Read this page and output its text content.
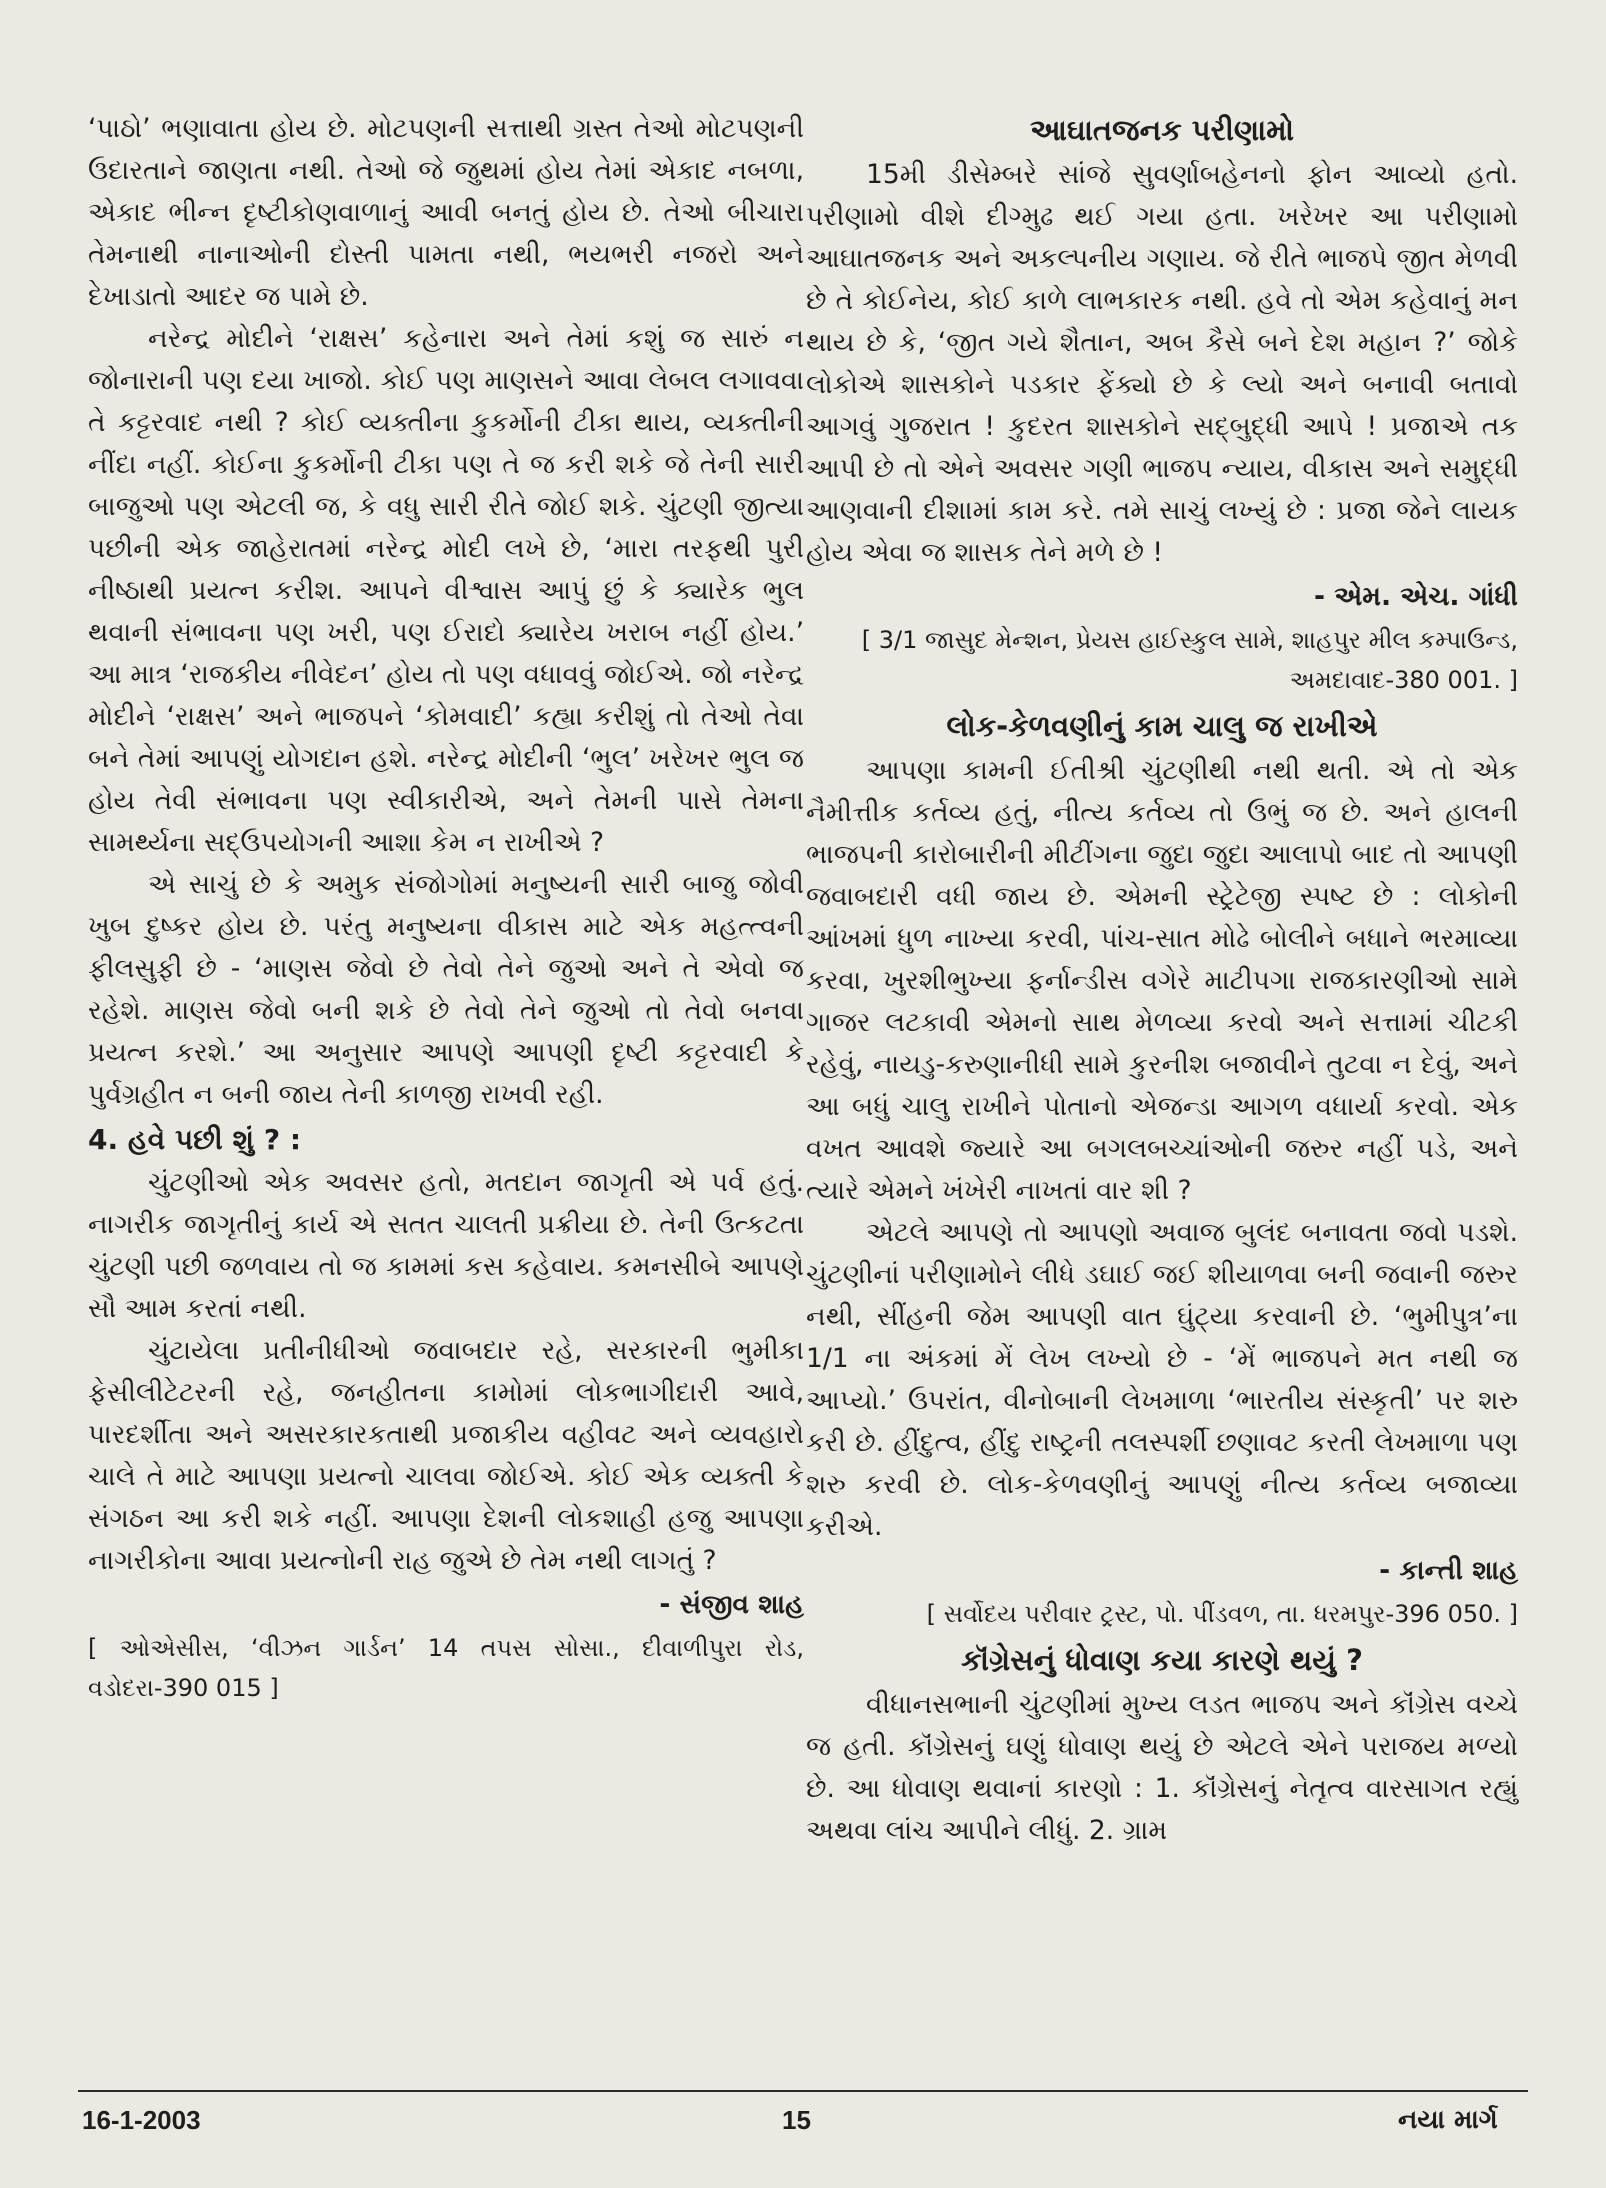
‘પાઠો’ ભણાવાતા હોય છે. મોટપણની સત્તાથી ગ્રસ્ત તેઓ મોટપણની ઉદારતાને જાણતા નથી. તેઓ જે જુથમાં હોય તેમાં એકાદ નબળા, એકાદ ભીન્ન દૃષ્ટીકોણવાળાનું આવી બનતું હોય છે. તેઓ બીચારા તેમનાથી નાનાઓની દોસ્તી પામતા નથી, ભયભરી નજરો અને દેખાડાતો આદર જ પામે છે.

નરેન્દ્ર મોદીને ‘રાક્ષસ’ કહેનારા અને તેમાં કશું જ સારું ન જોનારાની પણ દયા ખાજો. કોઈ પણ માણસને આવા લેબલ લગાવવા તે કટ્ટરવાદ નથી ? કોઈ વ્યક્તીના કુકર્મોની ટીકા થાય, વ્યક્તીની નીંદા નહીં. કોઈના કુકર્મોની ટીકા પણ તે જ કરી શકે જે તેની સારી બાજુઓ પણ એટલી જ, કે વધુ સારી રીતે જોઈ શકે. ચુંટણી જીત્યા પછીની એક જાહેરાતમાં નરેન્દ્ર મોદી લખે છે, ‘મારા તરફથી પુરી નીષ્ઠાથી પ્રયત્ન કરીશ. આપને વીશ્વાસ આપું છું કે ક્યારેક ભુલ થવાની સંભાવના પણ ખરી, પણ ઈરાદો ક્યારેય ખરાબ નહીં હોય.’ આ માત્ર ‘રાજકીય નીવેદન’ હોય તો પણ વધાવવું જોઈએ. જો નરેન્દ્ર મોદીને ‘રાક્ષસ’ અને ભાજપને ‘કોમવાદી’ કહ્યા કરીશું તો તેઓ તેવા બને તેમાં આપણું યોગદાન હશે. નરેન્દ્ર મોદીની ‘ભુલ’ ખરેખર ભુલ જ હોય તેવી સંભાવના પણ સ્વીકારીએ, અને તેમની પાસે તેમના સામર્થ્યના સદ્ઉપયોગની આશા કેમ ન રાખીએ ?

એ સાચું છે કે અમુક સંજોગોમાં મનુષ્યની સારી બાજુ જોવી ખુબ દુષ્કર હોય છે. પરંતુ મનુષ્યના વીકાસ માટે એક મહત્ત્વની ફીલસુફી છે - ‘માણસ જેવો છે તેવો તેને જુઓ અને તે એવો જ રહેશે. માણસ જેવો બની શકે છે તેવો તેને જુઓ તો તેવો બનવા પ્રયત્ન કરશે.’ આ અનુસાર આપણે આપણી દૃષ્ટી કટ્ટરવાદી કે પુર્વગ્રહીત ન બની જાય તેની કાળજી રાખવી રહી.

4. હવે પછી શું ? :

ચુંટણીઓ એક અવસર હતો, મતદાન જાગૃતી એ પર્વ હતું. નાગરીક જાગૃતીનું કાર્ય એ સતત ચાલતી પ્રક્રીયા છે. તેની ઉત્કટતા ચુંટણી પછી જળવાય તો જ કામમાં કસ કહેવાય. કમનસીબે આપણે સૌ આમ કરતાં નથી.

ચુંટાયેલા પ્રતીનીધીઓ જવાબદાર રહે, સરકારની ભુમીકા ફેસીલીટેટરની રહે, જનહીતના કામોમાં લોકભાગીદારી આવે, પારદર્શીતા અને અસરકારકતાથી પ્રજાકીય વહીવટ અને વ્યવહારો ચાલે તે માટે આપણા પ્રયત્નો ચાલવા જોઈએ. કોઈ એક વ્યક્તી કે સંગઠન આ કરી શકે નહીં. આપણા દેશની લોકશાહી હજુ આપણા નાગરીકોના આવા પ્રયત્નોની રાહ જુએ છે તેમ નથી લાગતું ?

- સંજીવ શાહ
[ ઓએસીસ, ‘વીઝન ગાર્ડન’ 14 તપસ સોસા., દીવાળીપુરા રોડ, વડોદરા-390 015 ]
આઘાતજનક પરીણામો

15મી ડીસેમ્બરે સાંજે સુવર્ણાબહેનનો ફોન આવ્યો હતો. પરીણામો વીશે દીગ્મુઢ થઈ ગયા હતા. ખરેખર આ પરીણામો આઘાતજનક અને અકલ્પનીય ગણાય. જે રીતે ભાજપે જીત મેળવી છે તે કોઈનેય, કોઈ કાળે લાભકારક નથી. હવે તો એમ કહેવાનું મન થાય છે કે, ‘જીત ગયે શૈતાન, અબ કૈસે બને દેશ મહાન ?’ જોકે લોકોએ શાસકોને પડકાર ફેંક્યો છે કે લ્યો અને બનાવી બતાવો આગવું ગુજરાત ! કુદરત શાસકોને સદ્બુદ્ધી આપે ! પ્રજાએ તક આપી છે તો એને અવસર ગણી ભાજપ ન્યાય, વીકાસ અને સમુદ્ધી આણવાની દીશામાં કામ કરે. તમે સાચું લખ્યું છે : પ્રજા જેને લાયક હોય એવા જ શાસક તેને મળે છે !

- એમ. એચ. ગાંધી
[ 3/1 જાસુદ મેન્શન, પ્રેયસ હાઈસ્કુલ સામે, શાહપુર મીલ કમ્પાઉન્ડ, અમદાવાદ-380 001. ]
લોક-કેળવણીનું કામ ચાલુ જ રાખીએ

આપણા કામની ઈતીશ્રી ચુંટણીથી નથી થતી. એ તો એક નૈમીત્તીક કર્તવ્ય હતું, નીત્ય કર્તવ્ય તો ઉભું જ છે. અને હાલની ભાજપની કારોબારીની મીટીંગના જુદા જુદા આલાપો બાદ તો આપણી જવાબદારી વધી જાય છે. એમની સ્ટ્રેટેજી સ્પષ્ટ છે : લોકોની આંખમાં ધુળ નાખ્યા કરવી, પાંચ-સાત મોઢે બોલીને બધાને ભરમાવ્યા કરવા, ખુરશીભુખ્યા ફર્નાન્ડીસ વગેરે માટીપગા રાજકારણીઓ સામે ગાજર લટકાવી એમનો સાથ મેળવ્યા કરવો અને સત્તામાં ચીટકી રહેવું, નાયડુ-કરુણાનીધી સામે કુરનીશ બજાવીને તુટવા ન દેવું, અને આ બધું ચાલુ રાખીને પોતાનો એજન્ડા આગળ વધાર્યા કરવો. એક વખત આવશે જ્યારે આ બગલબચ્ચાંઓની જરુર નહીં પડે, અને ત્યારે એમને ખંખેરી નાખતાં વાર શી ?

એટલે આપણે તો આપણો અવાજ બુલંદ બનાવતા જવો પડશે. ચુંટણીનાં પરીણામોને લીધે ડઘાઈ જઈ શીયાળવા બની જવાની જરુર નથી, સીંહની જેમ આપણી વાત ઘુંટ્યા કરવાની છે. ‘ભુમીપુત્ર’ના 1/1 ના અંકમાં મેં લેખ લખ્યો છે - ‘મેં ભાજપને મત નથી જ આપ્યો.’ ઉપરાંત, વીનોબાની લેખમાળા ‘ભારતીય સંસ્કૃતી’ પર શરુ કરી છે. હીંદુત્વ, હીંદુ રાષ્ટ્રની તલસ્પર્શી છણાવટ કરતી લેખમાળા પણ શરુ કરવી છે. લોક-કેળવણીનું આપણું નીત્ય કર્તવ્ય બજાવ્યા કરીએ.

- કાન્તી શાહ
[ સર્વોદય પરીવાર ટ્રસ્ટ, પો. પીંડવળ, તા. ધરમપુર-396 050. ]
કૉંગ્રેસનું ધોવાણ કયા કારણે થયું ?

વીધાનસભાની ચુંટણીમાં મુખ્ય લડત ભાજપ અને કૉંગ્રેસ વચ્ચે જ હતી. કૉંગ્રેસનું ઘણું ધોવાણ થયું છે એટલે એને પરાજય મળ્યો છે. આ ધોવાણ થવાનાં કારણો : 1. કૉંગ્રેસનું નેતૃત્વ વારસાગત રહ્યું અથવા લાંચ આપીને લીધું. 2. ગ્રામ

16-1-2003	15	નયા માર્ગ
